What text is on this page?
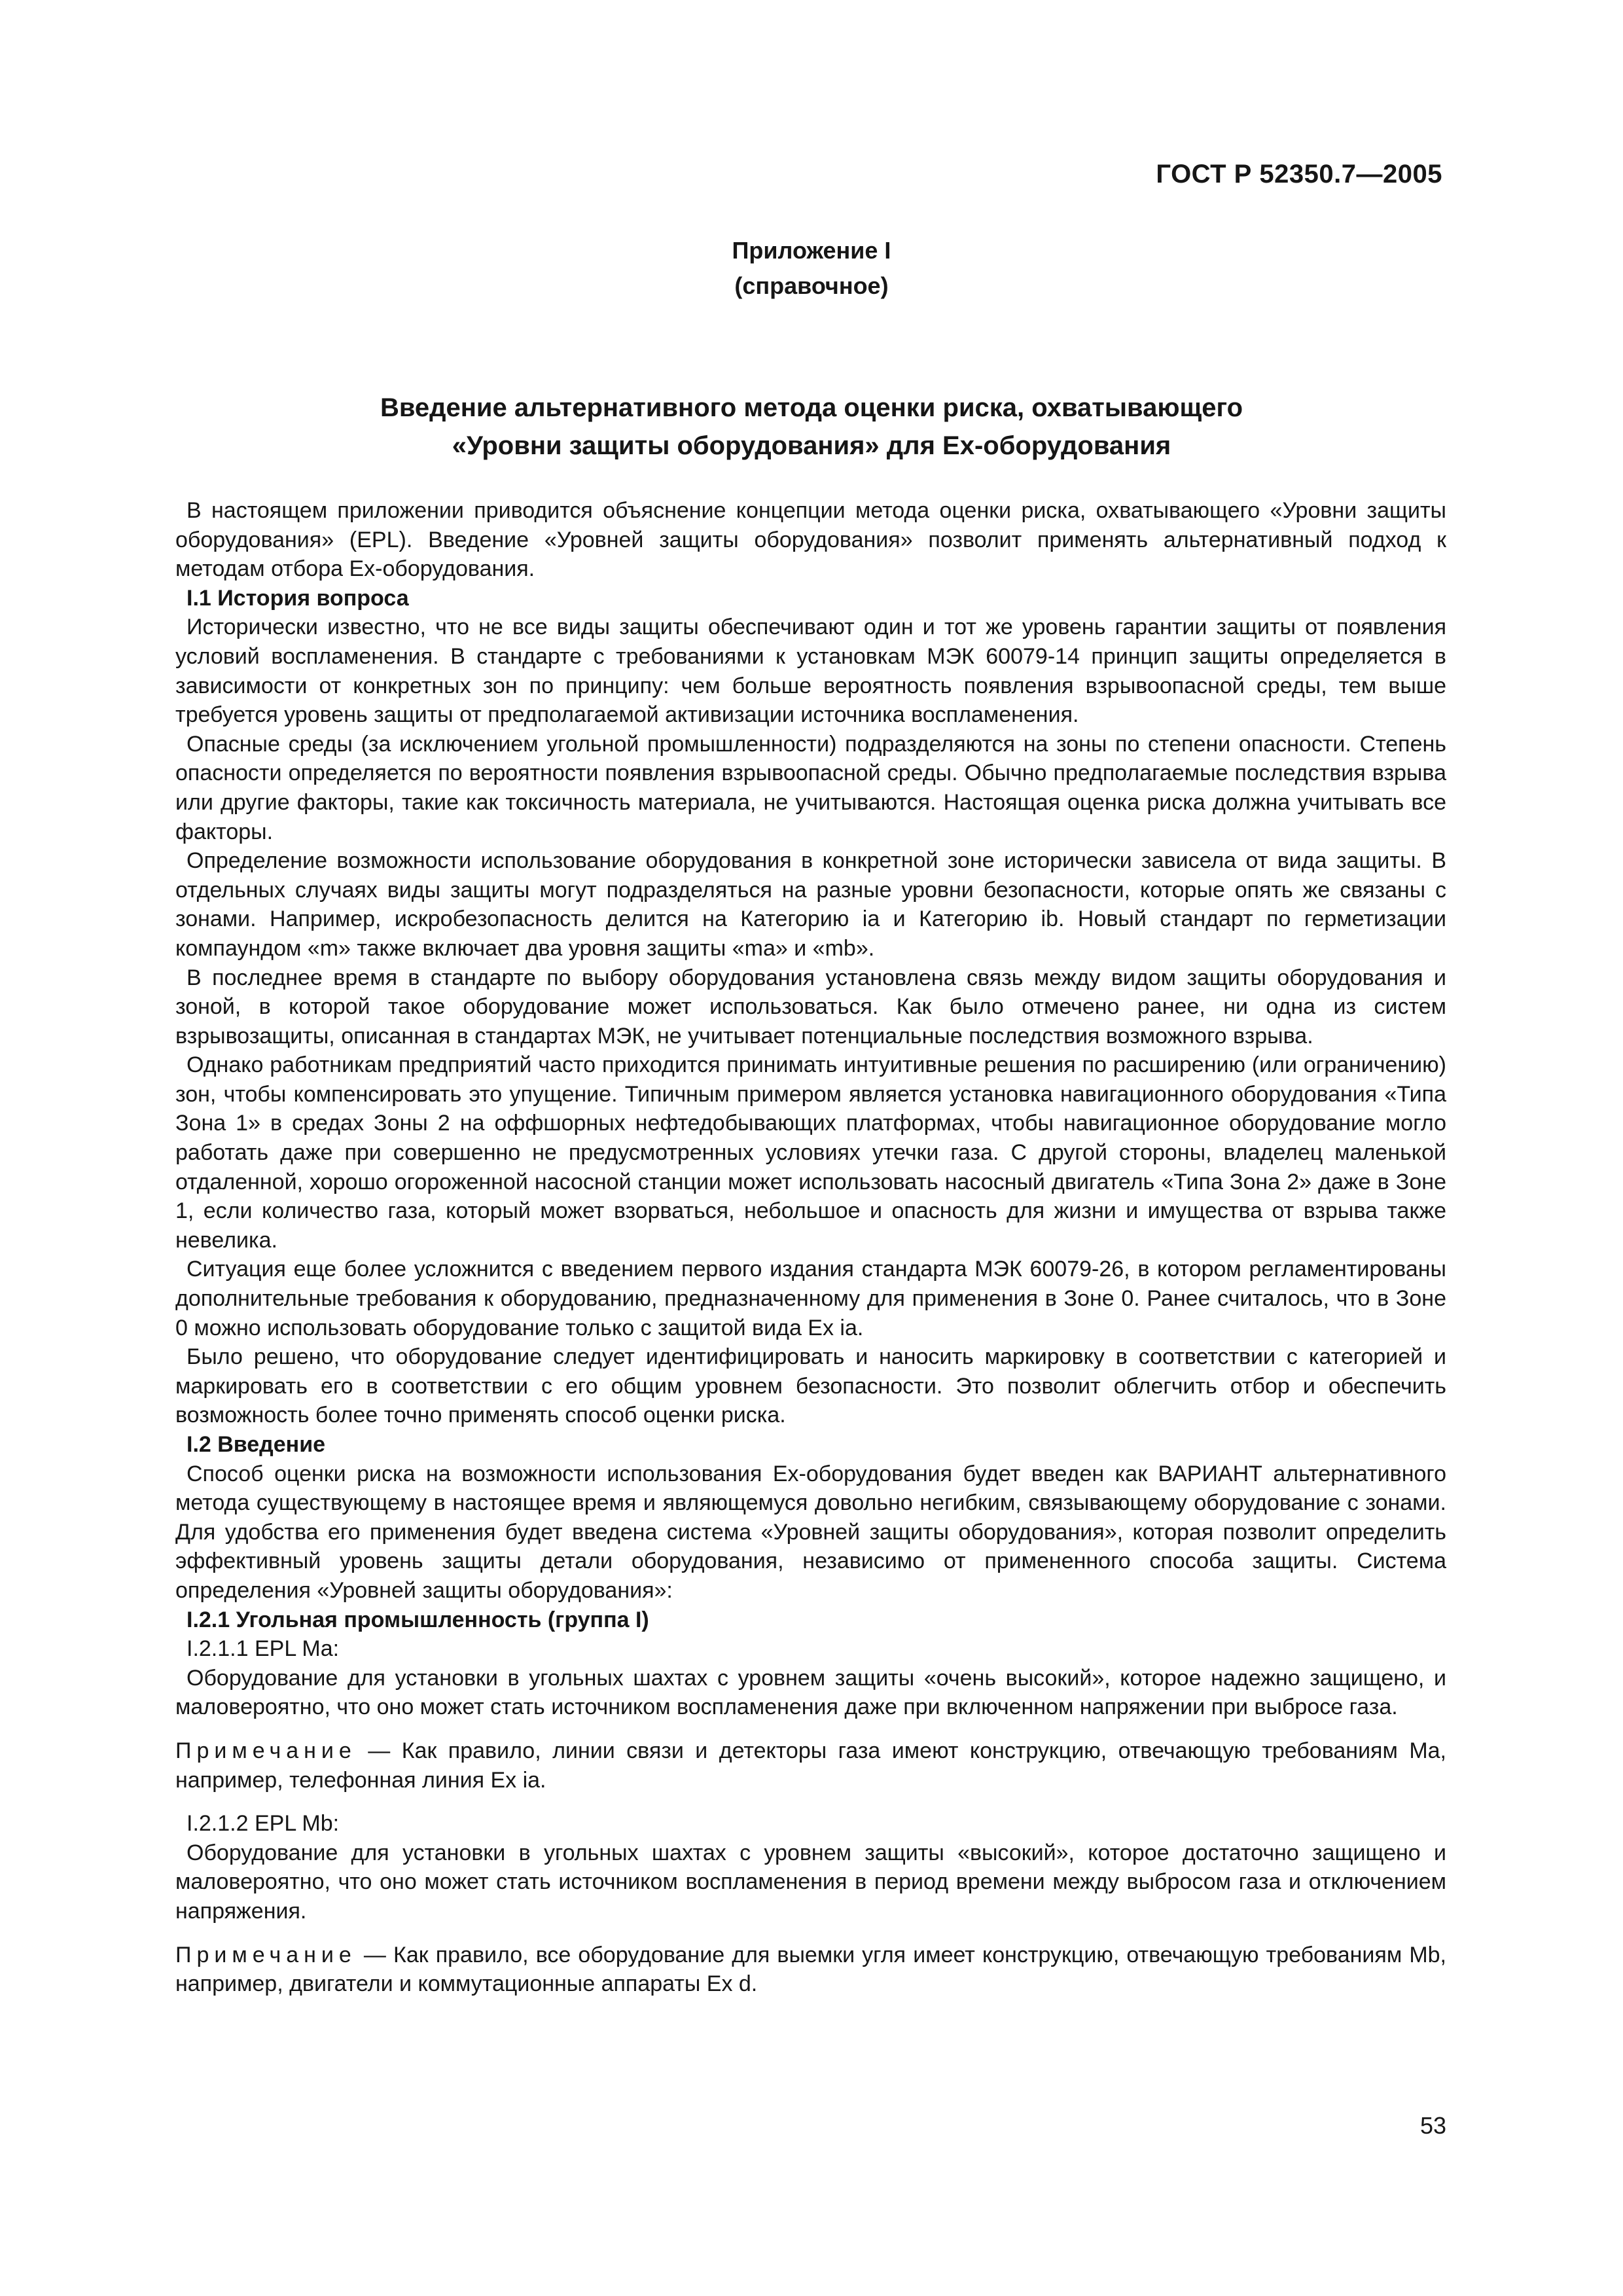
ГОСТ Р 52350.7—2005
Приложение I
(справочное)
Введение альтернативного метода оценки риска, охватывающего
«Уровни защиты оборудования» для Ех-оборудования

В настоящем приложении приводится объяснение концепции метода оценки риска, охватывающего «Уровни защиты оборудования» (EPL). Введение «Уровней защиты оборудования» позволит применять альтернативный подход к методам отбора Ех-оборудования.

I.1 История вопроса

Исторически известно, что не все виды защиты обеспечивают один и тот же уровень гарантии защиты от появления условий воспламенения. В стандарте с требованиями к установкам МЭК 60079-14 принцип защиты определяется в зависимости от конкретных зон по принципу: чем больше вероятность появления взрывоопасной среды, тем выше требуется уровень защиты от предполагаемой активизации источника воспламенения.

Опасные среды (за исключением угольной промышленности) подразделяются на зоны по степени опасности. Степень опасности определяется по вероятности появления взрывоопасной среды. Обычно предполагаемые последствия взрыва или другие факторы, такие как токсичность материала, не учитываются. Настоящая оценка риска должна учитывать все факторы.

Определение возможности использование оборудования в конкретной зоне исторически зависела от вида защиты. В отдельных случаях виды защиты могут подразделяться на разные уровни безопасности, которые опять же связаны с зонами. Например, искробезопасность делится на Категорию ia и Категорию ib. Новый стандарт по герметизации компаундом «m» также включает два уровня защиты «ma» и «mb».

В последнее время в стандарте по выбору оборудования установлена связь между видом защиты оборудования и зоной, в которой такое оборудование может использоваться. Как было отмечено ранее, ни одна из систем взрывозащиты, описанная в стандартах МЭК, не учитывает потенциальные последствия возможного взрыва.

Однако работникам предприятий часто приходится принимать интуитивные решения по расширению (или ограничению) зон, чтобы компенсировать это упущение. Типичным примером является установка навигационного оборудования «Типа Зона 1» в средах Зоны 2 на оффшорных нефтедобывающих платформах, чтобы навигационное оборудование могло работать даже при совершенно не предусмотренных условиях утечки газа. С другой стороны, владелец маленькой отдаленной, хорошо огороженной насосной станции может использовать насосный двигатель «Типа Зона 2» даже в Зоне 1, если количество газа, который может взорваться, небольшое и опасность для жизни и имущества от взрыва также невелика.

Ситуация еще более усложнится с введением первого издания стандарта МЭК 60079-26, в котором регламентированы дополнительные требования к оборудованию, предназначенному для применения в Зоне 0. Ранее считалось, что в Зоне 0 можно использовать оборудование только с защитой вида Ex ia.

Было решено, что оборудование следует идентифицировать и наносить маркировку в соответствии с категорией и маркировать его в соответствии с его общим уровнем безопасности. Это позволит облегчить отбор и обеспечить возможность более точно применять способ оценки риска.

I.2 Введение

Способ оценки риска на возможности использования Ех-оборудования будет введен как ВАРИАНТ альтернативного метода существующему в настоящее время и являющемуся довольно негибким, связывающему оборудование с зонами. Для удобства его применения будет введена система «Уровней защиты оборудования», которая позволит определить эффективный уровень защиты детали оборудования, независимо от примененного способа защиты. Система определения «Уровней защиты оборудования»:

I.2.1 Угольная промышленность (группа I)

I.2.1.1 EPL Ma:

Оборудование для установки в угольных шахтах с уровнем защиты «очень высокий», которое надежно защищено, и маловероятно, что оно может стать источником воспламенения даже при включенном напряжении при выбросе газа.

Примечание — Как правило, линии связи и детекторы газа имеют конструкцию, отвечающую требованиям Ma, например, телефонная линия Ex ia.

I.2.1.2 EPL Mb:

Оборудование для установки в угольных шахтах с уровнем защиты «высокий», которое достаточно защищено и маловероятно, что оно может стать источником воспламенения в период времени между выбросом газа и отключением напряжения.

Примечание — Как правило, все оборудование для выемки угля имеет конструкцию, отвечающую требованиям Mb, например, двигатели и коммутационные аппараты Ex d.

53
